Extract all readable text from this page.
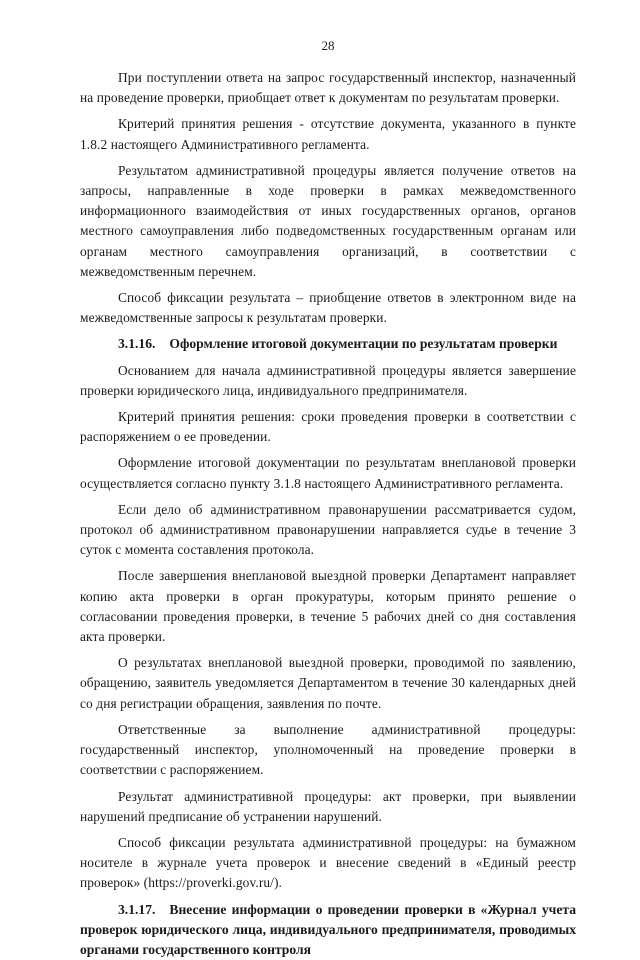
28

При поступлении ответа на запрос государственный инспектор, назначенный на проведение проверки, приобщает ответ к документам по результатам проверки.

Критерий принятия решения - отсутствие документа, указанного в пункте 1.8.2 настоящего Административного регламента.

Результатом административной процедуры является получение ответов на запросы, направленные в ходе проверки в рамках межведомственного информационного взаимодействия от иных государственных органов, органов местного самоуправления либо подведомственных государственным органам или органам местного самоуправления организаций, в соответствии с межведомственным перечнем.

Способ фиксации результата – приобщение ответов в электронном виде на межведомственные запросы к результатам проверки.

3.1.16. Оформление итоговой документации по результатам проверки

Основанием для начала административной процедуры является завершение проверки юридического лица, индивидуального предпринимателя.

Критерий принятия решения: сроки проведения проверки в соответствии с распоряжением о ее проведении.

Оформление итоговой документации по результатам внеплановой проверки осуществляется согласно пункту 3.1.8 настоящего Административного регламента.

Если дело об административном правонарушении рассматривается судом, протокол об административном правонарушении направляется судье в течение 3 суток с момента составления протокола.

После завершения внеплановой выездной проверки Департамент направляет копию акта проверки в орган прокуратуры, которым принято решение о согласовании проведения проверки, в течение 5 рабочих дней со дня составления акта проверки.

О результатах внеплановой выездной проверки, проводимой по заявлению, обращению, заявитель уведомляется Департаментом в течение 30 календарных дней со дня регистрации обращения, заявления по почте.

Ответственные за выполнение административной процедуры: государственный инспектор, уполномоченный на проведение проверки в соответствии с распоряжением.

Результат административной процедуры: акт проверки, при выявлении нарушений предписание об устранении нарушений.

Способ фиксации результата административной процедуры: на бумажном носителе в журнале учета проверок и внесение сведений в «Единый реестр проверок» (https://proverki.gov.ru/).

3.1.17. Внесение информации о проведении проверки в «Журнал учета проверок юридического лица, индивидуального предпринимателя, проводимых органами государственного контроля
